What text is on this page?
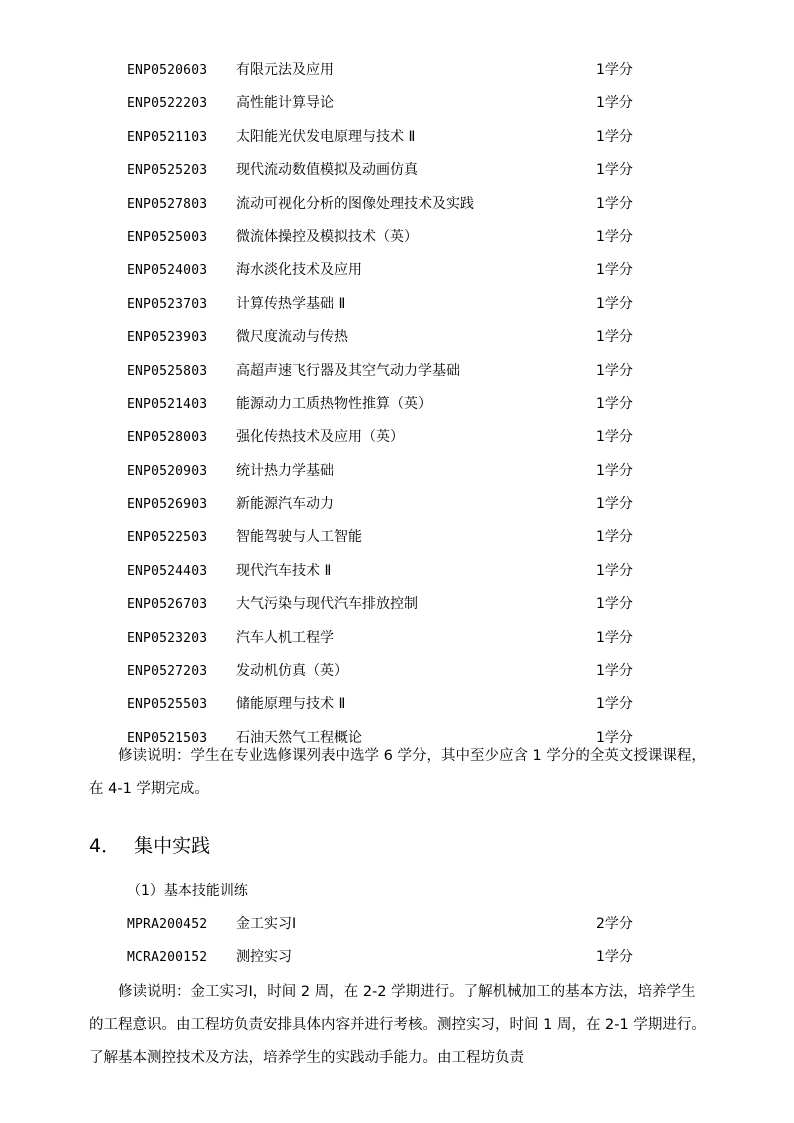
ENP0520603 有限元法及应用	1学分
ENP0522203 高性能计算导论	1学分
ENP0521103 太阳能光伏发电原理与技术 Ⅱ	1学分
ENP0525203 现代流动数值模拟及动画仿真	1学分
ENP0527803 流动可视化分析的图像处理技术及实践	1学分
ENP0525003 微流体操控及模拟技术（英）	1学分
ENP0524003 海水淡化技术及应用	1学分
ENP0523703 计算传热学基础 Ⅱ	1学分
ENP0523903 微尺度流动与传热	1学分
ENP0525803 高超声速飞行器及其空气动力学基础	1学分
ENP0521403 能源动力工质热物性推算（英）	1学分
ENP0528003 强化传热技术及应用（英）	1学分
ENP0520903 统计热力学基础	1学分
ENP0526903 新能源汽车动力	1学分
ENP0522503 智能驾驶与人工智能	1学分
ENP0524403 现代汽车技术 Ⅱ	1学分
ENP0526703 大气污染与现代汽车排放控制	1学分
ENP0523203 汽车人机工程学	1学分
ENP0527203 发动机仿真（英）	1学分
ENP0525503 储能原理与技术 Ⅱ	1学分
ENP0521503 石油天然气工程概论	1学分

修读说明：学生在专业选修课列表中选学 6 学分，其中至少应含 1 学分的全英文授课课程，在 4-1 学期完成。

4． 集中实践
（1）基本技能训练
MPRA200452 金工实习Ⅰ	2学分
MCRA200152 测控实习	1学分

修读说明：金工实习Ⅰ，时间 2 周，在 2-2 学期进行。了解机械加工的基本方法，培养学生的工程意识。由工程坊负责安排具体内容并进行考核。测控实习，时间 1 周，在 2-1 学期进行。了解基本测控技术及方法，培养学生的实践动手能力。由工程坊负责
